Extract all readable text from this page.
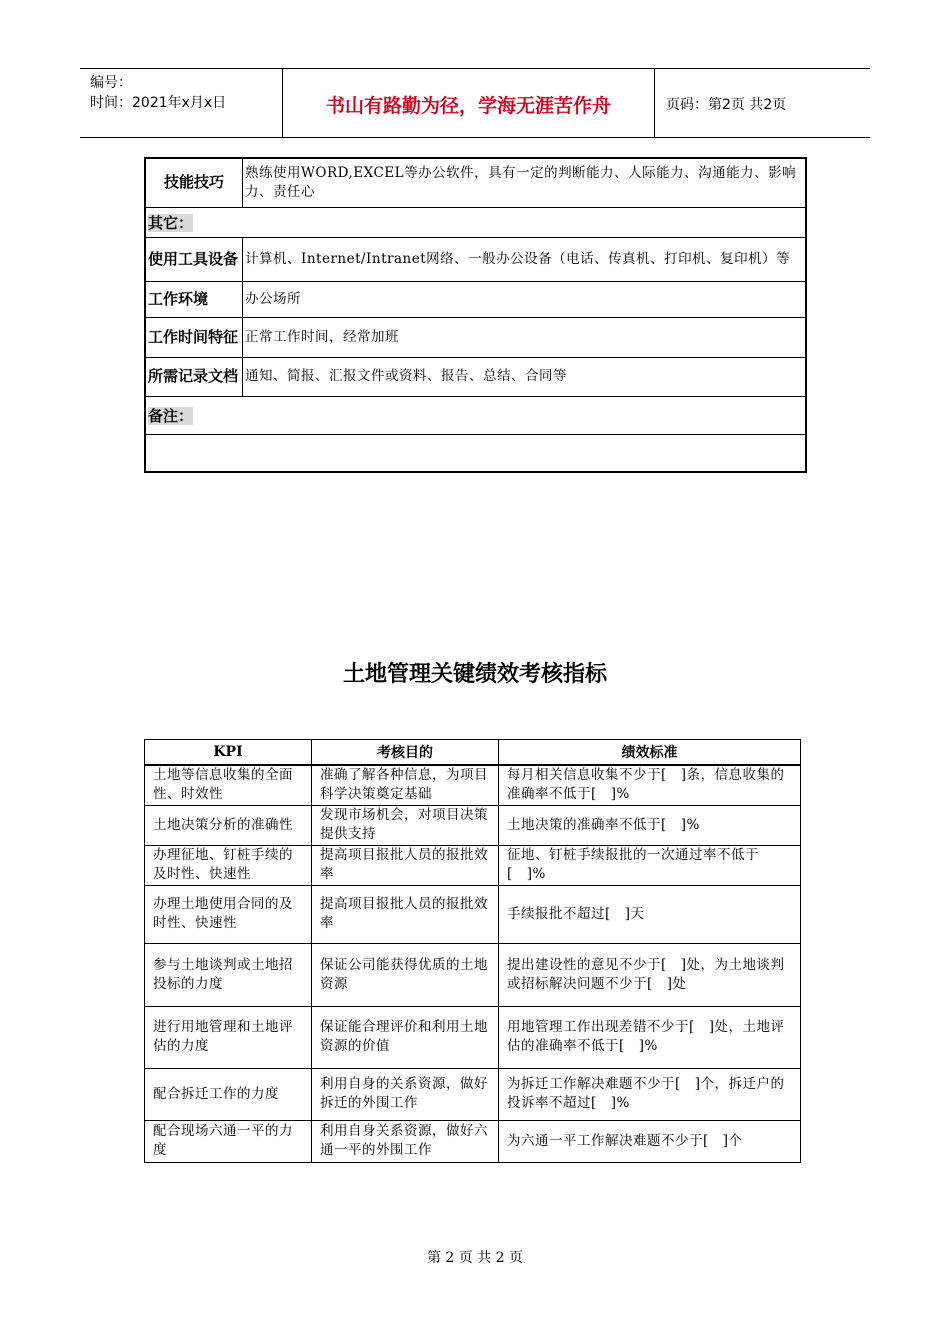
编号：
时间：2021年x月x日	书山有路勤为径，学海无涯苦作舟	页码：第2页 共2页
技能技巧	熟练使用WORD,EXCEL等办公软件，具有一定的判断能力、人际能力、沟通能力、影响力、责任心
其它：	
使用工具设备	计算机、Internet/Intranet网络、一般办公设备（电话、传真机、打印机、复印机）等
工作环境	办公场所
工作时间特征	正常工作时间，经常加班
所需记录文档	通知、简报、汇报文件或资料、报告、总结、合同等
备注：	

土地管理关键绩效考核指标
KPI	考核目的	绩效标准
土地等信息收集的全面性、时效性	准确了解各种信息，为项目科学决策奠定基础	每月相关信息收集不少于[　]条，信息收集的准确率不低于[　]%
土地决策分析的准确性	发现市场机会，对项目决策提供支持	土地决策的准确率不低于[　]%
办理征地、钉桩手续的及时性、快速性	提高项目报批人员的报批效率	征地、钉桩手续报批的一次通过率不低于[　]%
办理土地使用合同的及时性、快速性	提高项目报批人员的报批效率	手续报批不超过[　]天
参与土地谈判或土地招投标的力度	保证公司能获得优质的土地资源	提出建设性的意见不少于[　]处，为土地谈判或招标解决问题不少于[　]处
进行用地管理和土地评估的力度	保证能合理评价和利用土地资源的价值	用地管理工作出现差错不少于[　]处，土地评估的准确率不低于[　]%
配合拆迁工作的力度	利用自身的关系资源，做好拆迁的外围工作	为拆迁工作解决难题不少于[　]个，拆迁户的投诉率不超过[　]%
配合现场六通一平的力度	利用自身关系资源，做好六通一平的外围工作	为六通一平工作解决难题不少于[　]个
第 2 页 共 2 页
